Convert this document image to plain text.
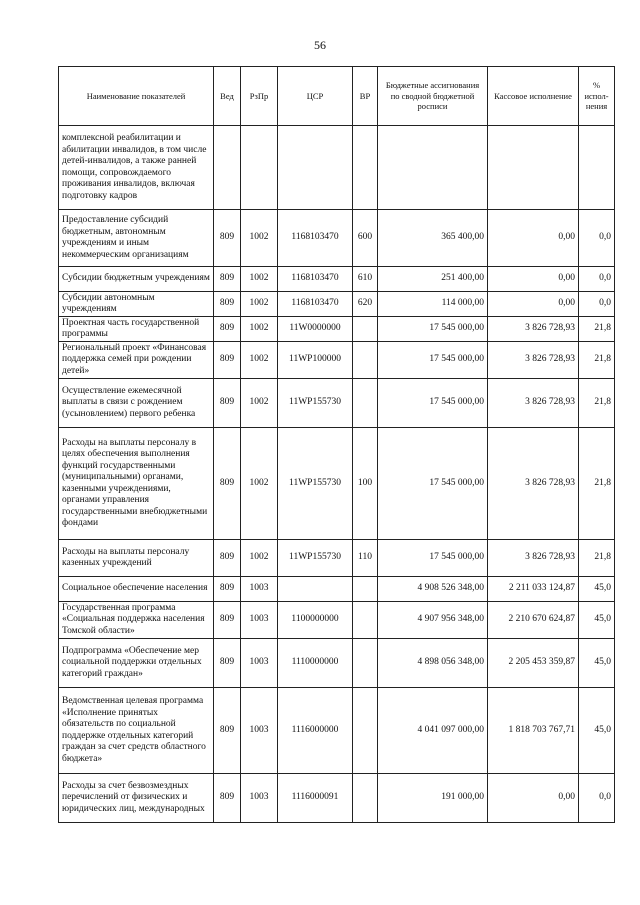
56
Наименование показателей	Вед	РзПр	ЦСР	ВР	Бюджетные ассигнования по сводной бюджетной росписи	Кассовое исполнение	% испол-нения
комплексной реабилитации и абилитации инвалидов, в том числе детей-инвалидов, а также ранней помощи, сопровождаемого проживания инвалидов, включая подготовку кадров							
Предоставление субсидий бюджетным, автономным учреждениям и иным некоммерческим организациям	809	1002	1168103470	600	365 400,00	0,00	0,0
Субсидии бюджетным учреждениям	809	1002	1168103470	610	251 400,00	0,00	0,0
Субсидии автономным учреждениям	809	1002	1168103470	620	114 000,00	0,00	0,0
Проектная часть государственной программы	809	1002	11W0000000		17 545 000,00	3 826 728,93	21,8
Региональный проект «Финансовая поддержка семей при рождении детей»	809	1002	11WP100000		17 545 000,00	3 826 728,93	21,8
Осуществление ежемесячной выплаты в связи с рождением (усыновлением) первого ребенка	809	1002	11WP155730		17 545 000,00	3 826 728,93	21,8
Расходы на выплаты персоналу в целях обеспечения выполнения функций государственными (муниципальными) органами, казенными учреждениями, органами управления государственными внебюджетными фондами	809	1002	11WP155730	100	17 545 000,00	3 826 728,93	21,8
Расходы на выплаты персоналу казенных учреждений	809	1002	11WP155730	110	17 545 000,00	3 826 728,93	21,8
Социальное обеспечение населения	809	1003			4 908 526 348,00	2 211 033 124,87	45,0
Государственная программа «Социальная поддержка населения Томской области»	809	1003	1100000000		4 907 956 348,00	2 210 670 624,87	45,0
Подпрограмма «Обеспечение мер социальной поддержки отдельных категорий граждан»	809	1003	1110000000		4 898 056 348,00	2 205 453 359,87	45,0
Ведомственная целевая программа «Исполнение принятых обязательств по социальной поддержке отдельных категорий граждан за счет средств областного бюджета»	809	1003	1116000000		4 041 097 000,00	1 818 703 767,71	45,0
Расходы за счет безвозмездных перечислений от физических и юридических лиц, международных	809	1003	1116000091		191 000,00	0,00	0,0
